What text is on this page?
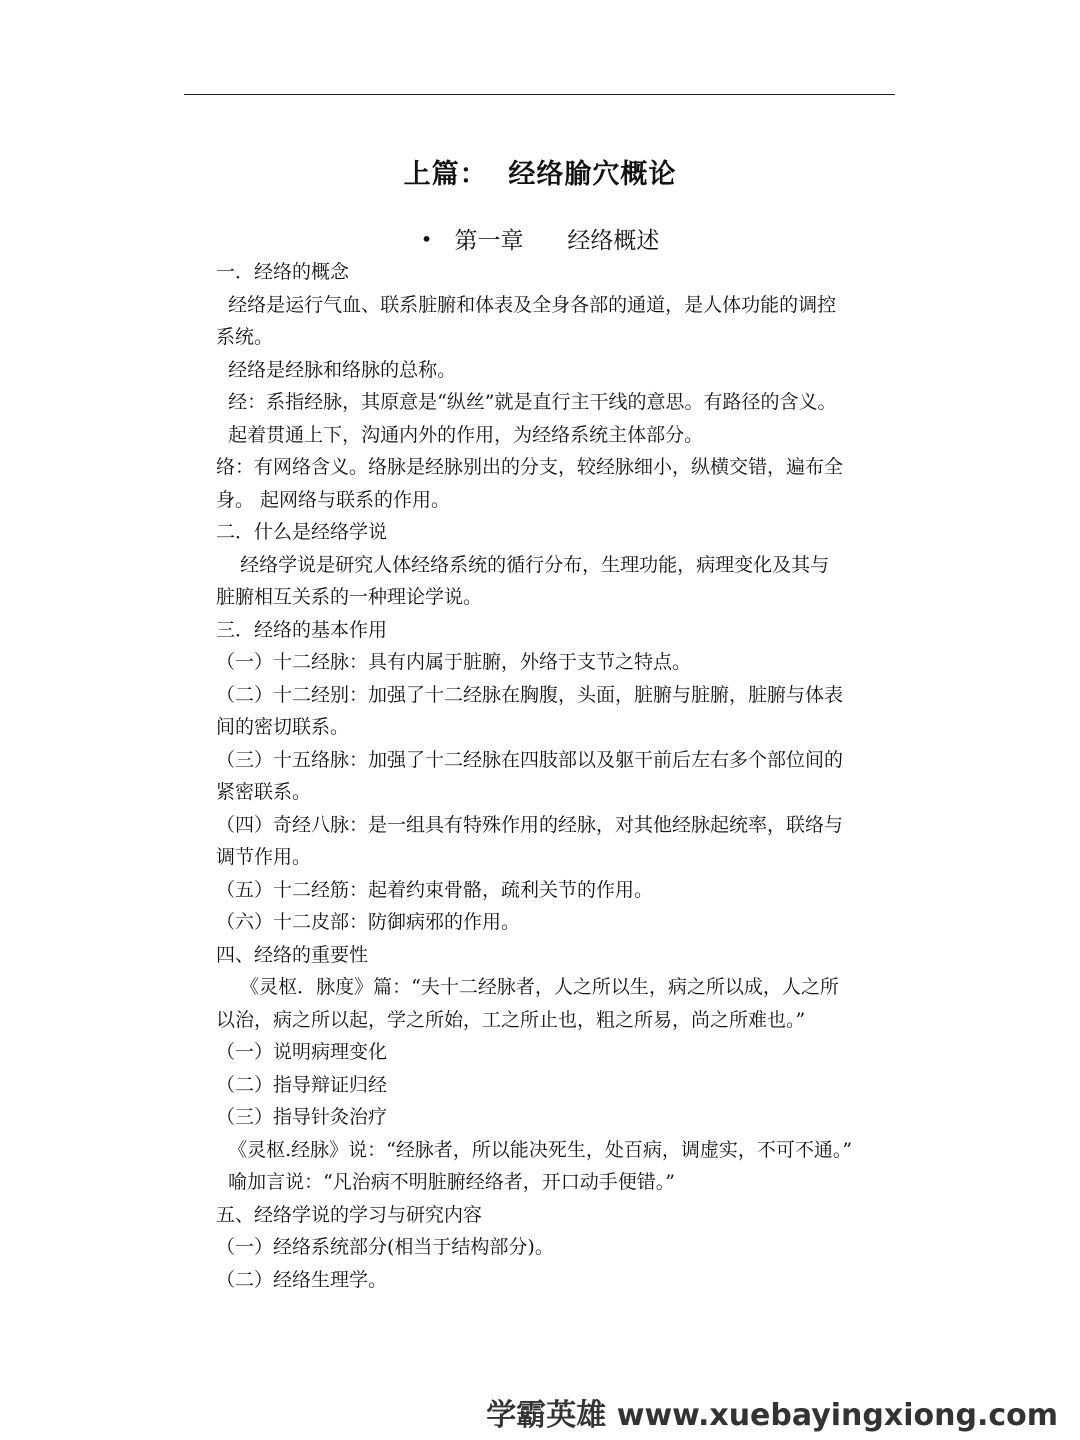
上篇：  经络腧穴概论
• 第一章      经络概述
一．经络的概念
经络是运行气血、联系脏腑和体表及全身各部的通道，是人体功能的调控
系统。
经络是经脉和络脉的总称。
经：系指经脉，其原意是“纵丝”就是直行主干线的意思。有路径的含义。
起着贯通上下，沟通内外的作用，为经络系统主体部分。
络：有网络含义。络脉是经脉别出的分支，较经脉细小，纵横交错，遍布全
身。 起网络与联系的作用。
二．什么是经络学说
经络学说是研究人体经络系统的循行分布，生理功能，病理变化及其与
脏腑相互关系的一种理论学说。
三．经络的基本作用
（一）十二经脉：具有内属于脏腑，外络于支节之特点。
（二）十二经别：加强了十二经脉在胸腹，头面，脏腑与脏腑，脏腑与体表
间的密切联系。
（三）十五络脉：加强了十二经脉在四肢部以及躯干前后左右多个部位间的
紧密联系。
（四）奇经八脉：是一组具有特殊作用的经脉，对其他经脉起统率，联络与
调节作用。
（五）十二经筋：起着约束骨骼，疏利关节的作用。
（六）十二皮部：防御病邪的作用。
四、经络的重要性
《灵枢．脉度》篇：“夫十二经脉者，人之所以生，病之所以成，人之所
以治，病之所以起，学之所始，工之所止也，粗之所易，尚之所难也。”
（一）说明病理变化
（二）指导辩证归经
（三）指导针灸治疗
《灵枢.经脉》说：“经脉者，所以能决死生，处百病，调虚实，不可不通。”
喻加言说：“凡治病不明脏腑经络者，开口动手便错。”
五、经络学说的学习与研究内容
（一）经络系统部分(相当于结构部分)。
（二）经络生理学。
学霸英雄 www.xuebayingxiong.com
